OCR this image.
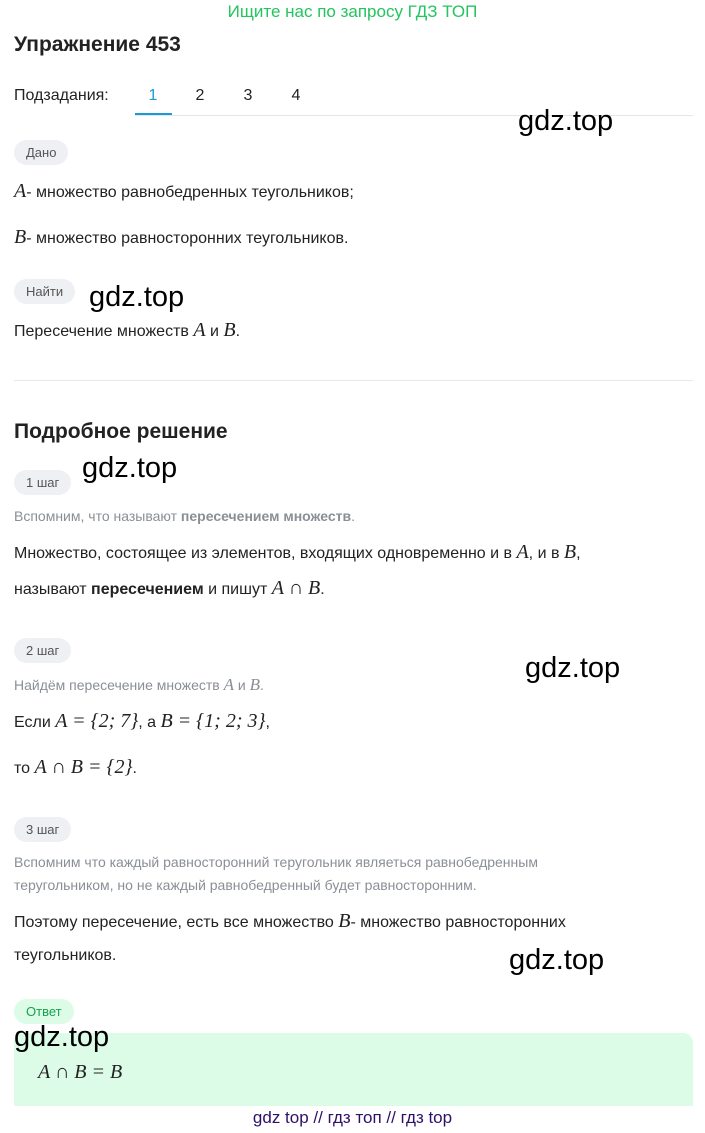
Ищите нас по запросу ГДЗ ТОП
Упражнение 453
Подзадания:	1	2	3	4
Дано
A- множество равнобедренных теугольников;
B- множество равносторонних теугольников.
Найти
Пересечение множеств A и B.
Подробное решение
1 шаг
Вспомним, что называют пересечением множеств.
Множество, состоящее из элементов, входящих одновременно и в A, и в B,
называют пересечением и пишут A ∩ B.
2 шаг
Найдём пересечение множеств A и B.
Если A = {2; 7}, а B = {1; 2; 3},
то A ∩ B = {2}.
3 шаг
Вспомним что каждый равносторонний теругольник являеться равнобедренным
теругольником, но не каждый равнобедренный будет равносторонним.
Поэтому пересечение, есть все множество B- множество равносторонних
теугольников.
Ответ
A ∩ B = B
gdz.top
gdz.top
gdz.top
gdz.top
gdz.top
gdz.top
gdz top // гдз топ // гдз top
